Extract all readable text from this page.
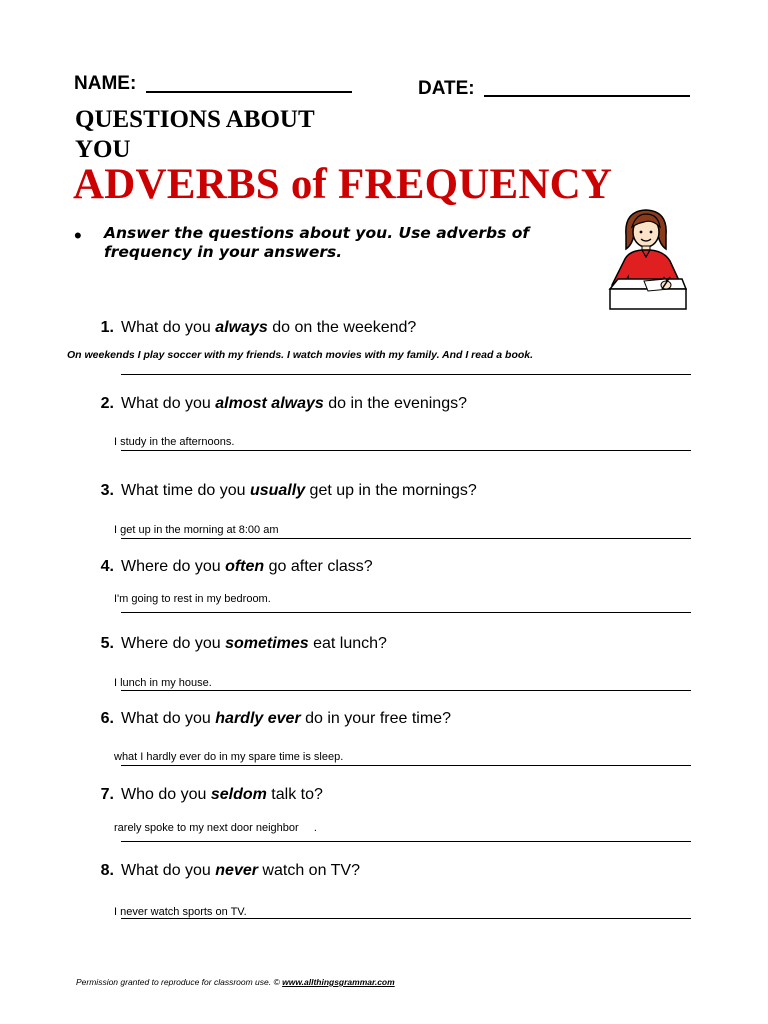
NAME:	DATE:
QUESTIONS ABOUT YOU
ADVERBS of FREQUENCY
• Answer the questions about you. Use adverbs of frequency in your answers.
1. What do you always do on the weekend?
On weekends I play soccer with my friends. I watch movies with my family. And I read a book.
2. What do you almost always do in the evenings?
I study in the afternoons.
3. What time do you usually get up in the mornings?
I get up in the morning at 8:00 am
4. Where do you often go after class?
I'm going to rest in my bedroom.
5. Where do you sometimes eat lunch?
I lunch in my house.
6. What do you hardly ever do in your free time?
what I hardly ever do in my spare time is sleep.
7. Who do you seldom talk to?
rarely spoke to my next door neighbor     .
8. What do you never watch on TV?
I never watch sports on TV.
Permission granted to reproduce for classroom use. © www.allthingsgrammar.com
